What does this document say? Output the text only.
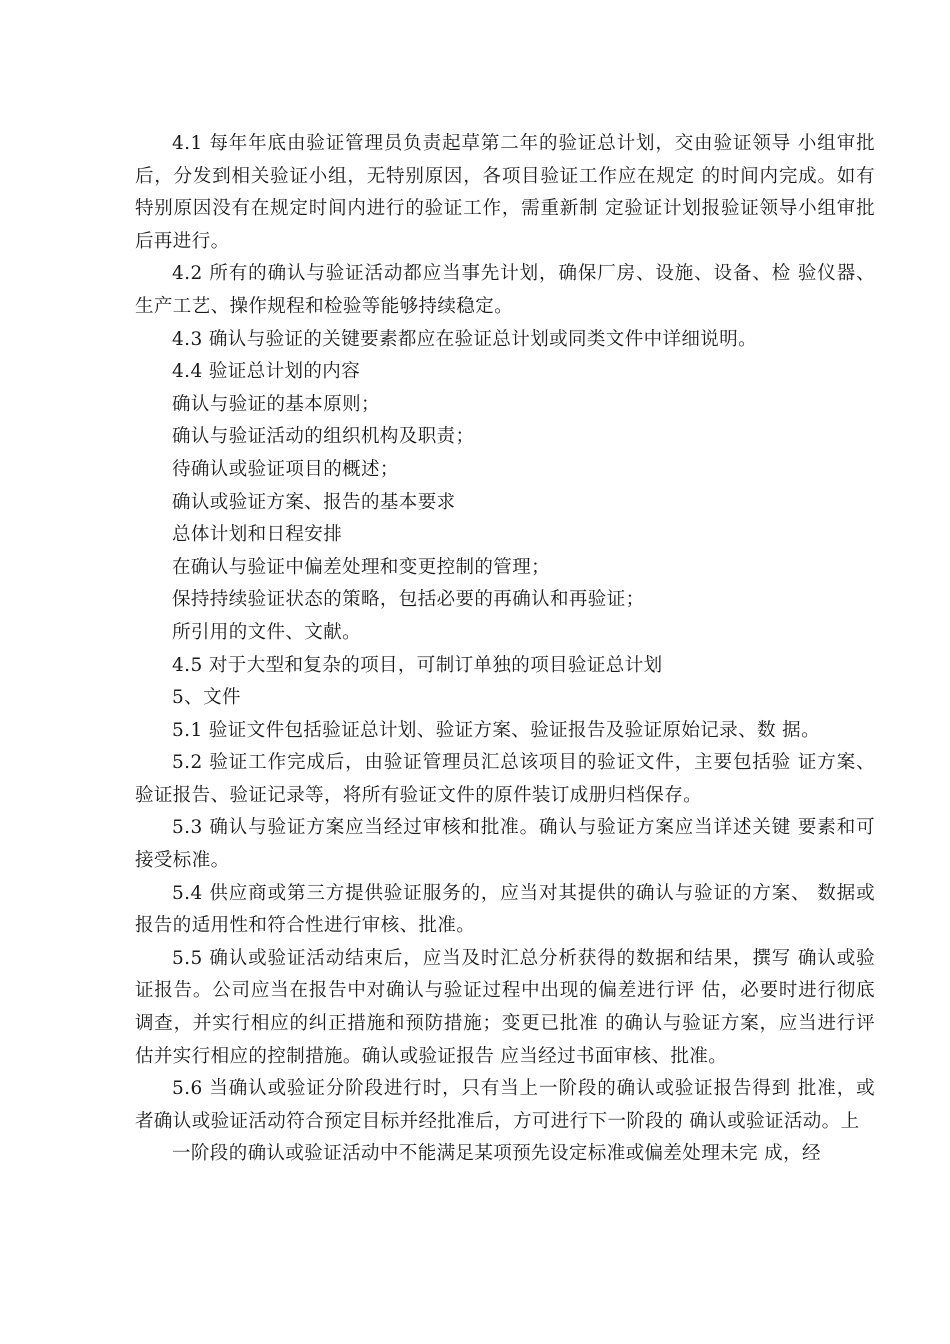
4.1 每年年底由验证管理员负责起草第二年的验证总计划，交由验证领导 小组审批后，分发到相关验证小组，无特别原因，各项目验证工作应在规定 的时间内完成。如有特别原因没有在规定时间内进行的验证工作，需重新制 定验证计划报验证领导小组审批后再进行。

4.2 所有的确认与验证活动都应当事先计划，确保厂房、设施、设备、检 验仪器、生产工艺、操作规程和检验等能够持续稳定。

4.3 确认与验证的关键要素都应在验证总计划或同类文件中详细说明。

4.4 验证总计划的内容

确认与验证的基本原则；

确认与验证活动的组织机构及职责；

待确认或验证项目的概述；

确认或验证方案、报告的基本要求

总体计划和日程安排

在确认与验证中偏差处理和变更控制的管理；

保持持续验证状态的策略，包括必要的再确认和再验证；

所引用的文件、文献。

4.5 对于大型和复杂的项目，可制订单独的项目验证总计划

5、文件

5.1 验证文件包括验证总计划、验证方案、验证报告及验证原始记录、数 据。

5.2 验证工作完成后，由验证管理员汇总该项目的验证文件，主要包括验 证方案、验证报告、验证记录等，将所有验证文件的原件装订成册归档保存。

5.3 确认与验证方案应当经过审核和批准。确认与验证方案应当详述关键 要素和可接受标准。

5.4 供应商或第三方提供验证服务的，应当对其提供的确认与验证的方案、 数据或报告的适用性和符合性进行审核、批准。

5.5 确认或验证活动结束后，应当及时汇总分析获得的数据和结果，撰写 确认或验证报告。公司应当在报告中对确认与验证过程中出现的偏差进行评 估，必要时进行彻底调查，并实行相应的纠正措施和预防措施；变更已批准 的确认与验证方案，应当进行评估并实行相应的控制措施。确认或验证报告 应当经过书面审核、批准。

5.6 当确认或验证分阶段进行时，只有当上一阶段的确认或验证报告得到 批准，或者确认或验证活动符合预定目标并经批准后，方可进行下一阶段的 确认或验证活动。上

一阶段的确认或验证活动中不能满足某项预先设定标准或偏差处理未完 成，经
